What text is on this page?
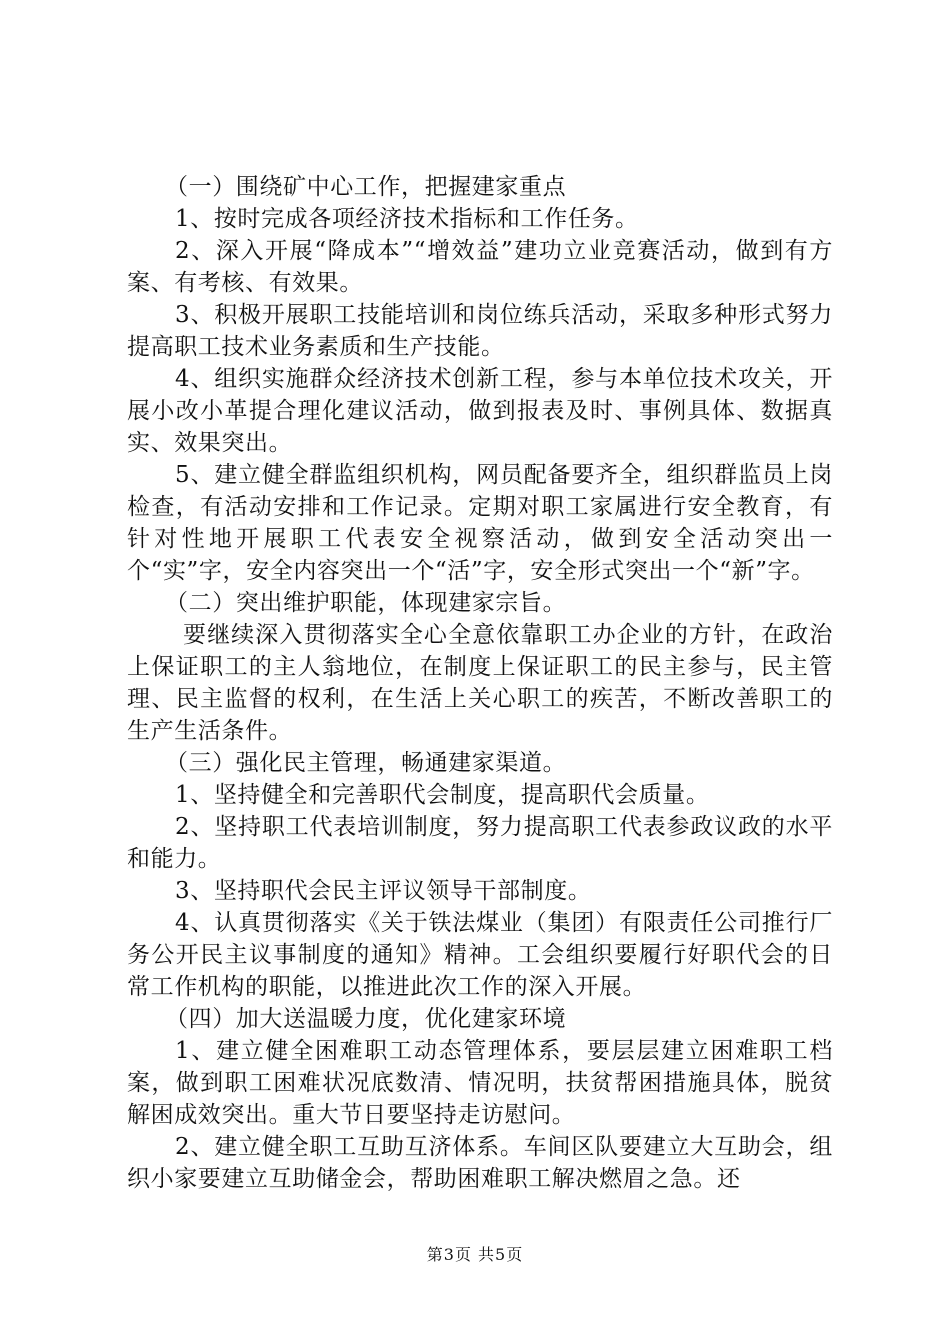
（一）围绕矿中心工作，把握建家重点

1、按时完成各项经济技术指标和工作任务。

2、深入开展“降成本”“增效益”建功立业竞赛活动，做到有方案、有考核、有效果。

3、积极开展职工技能培训和岗位练兵活动，采取多种形式努力提高职工技术业务素质和生产技能。

4、组织实施群众经济技术创新工程，参与本单位技术攻关，开展小改小革提合理化建议活动，做到报表及时、事例具体、数据真实、效果突出。

5、建立健全群监组织机构，网员配备要齐全，组织群监员上岗检查，有活动安排和工作记录。定期对职工家属进行安全教育，有针对性地开展职工代表安全视察活动，做到安全活动突出一个“实”字，安全内容突出一个“活”字，安全形式突出一个“新”字。

（二）突出维护职能，体现建家宗旨。

要继续深入贯彻落实全心全意依靠职工办企业的方针，在政治上保证职工的主人翁地位，在制度上保证职工的民主参与，民主管理、民主监督的权利，在生活上关心职工的疾苦，不断改善职工的生产生活条件。

（三）强化民主管理，畅通建家渠道。

1、坚持健全和完善职代会制度，提高职代会质量。

2、坚持职工代表培训制度，努力提高职工代表参政议政的水平和能力。

3、坚持职代会民主评议领导干部制度。

4、认真贯彻落实《关于铁法煤业（集团）有限责任公司推行厂务公开民主议事制度的通知》精神。工会组织要履行好职代会的日常工作机构的职能，以推进此次工作的深入开展。

（四）加大送温暖力度，优化建家环境

1、建立健全困难职工动态管理体系，要层层建立困难职工档案，做到职工困难状况底数清、情况明，扶贫帮困措施具体，脱贫解困成效突出。重大节日要坚持走访慰问。

2、建立健全职工互助互济体系。车间区队要建立大互助会，组织小家要建立互助储金会，帮助困难职工解决燃眉之急。还

第3页 共5页
